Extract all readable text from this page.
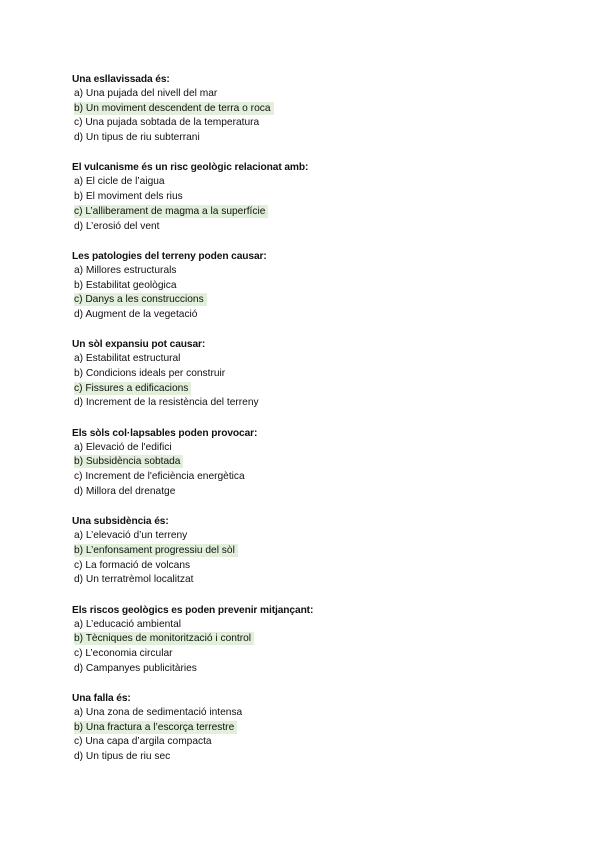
Una esllavissada és:
a) Una pujada del nivell del mar
b) Un moviment descendent de terra o roca
c) Una pujada sobtada de la temperatura
d) Un tipus de riu subterrani
El vulcanisme és un risc geològic relacionat amb:
a) El cicle de l’aigua
b) El moviment dels rius
c) L’alliberament de magma a la superfície
d) L’erosió del vent
Les patologies del terreny poden causar:
a) Millores estructurals
b) Estabilitat geològica
c) Danys a les construccions
d) Augment de la vegetació
Un sòl expansiu pot causar:
a) Estabilitat estructural
b) Condicions ideals per construir
c) Fissures a edificacions
d) Increment de la resistència del terreny
Els sòls col·lapsables poden provocar:
a) Elevació de l'edifici
b) Subsidència sobtada
c) Increment de l'eficiència energètica
d) Millora del drenatge
Una subsidència és:
a) L’elevació d’un terreny
b) L’enfonsament progressiu del sòl
c) La formació de volcans
d) Un terratrèmol localitzat
Els riscos geològics es poden prevenir mitjançant:
a) L’educació ambiental
b) Tècniques de monitorització i control
c) L’economia circular
d) Campanyes publicitàries
Una falla és:
a) Una zona de sedimentació intensa
b) Una fractura a l’escorça terrestre
c) Una capa d’argila compacta
d) Un tipus de riu sec
